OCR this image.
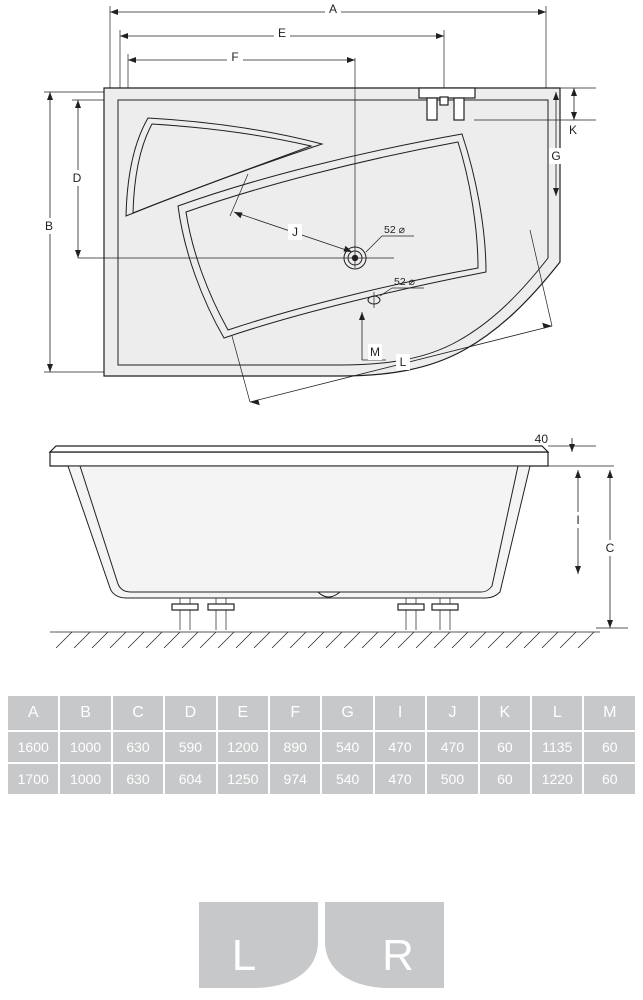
A
E
F
B
D
K
G
J
L
M
52 ⌀
52 ⌀
40
I
C
A	B	C	D	E	F	G	I	J	K	L	M
1600	1000	630	590	1200	890	540	470	470	60	1135	60
1700	1000	630	604	1250	974	540	470	500	60	1220	60
L	R
